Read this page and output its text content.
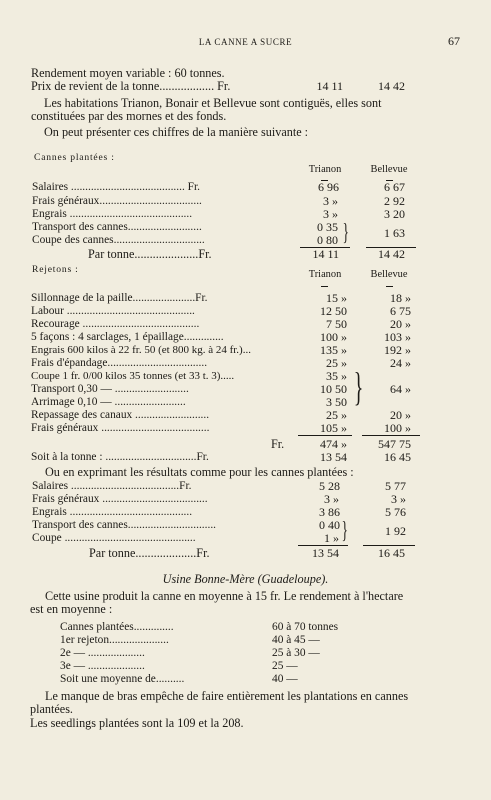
LA CANNE A SUCRE	67
Rendement moyen variable : 60 tonnes.
Prix de revient de la tonne.................. Fr.	14 11	14 42
Les habitations Trianon, Bonair et Bellevue sont contiguës, elles sont
constituées par des mornes et des fonds.
On peut présenter ces chiffres de la manière suivante :
Cannes plantées :
Trianon	Bellevue
Salaires ........................................ Fr.	6 96	6 67
Frais généraux....................................	3 »	2 92
Engrais ...........................................	3 »	3 20
Transport des cannes..........................	0 35
Coupe des cannes................................	0 80 }	1 63
Par tonne.....................Fr.	14 11	14 42
Rejetons :	Trianon	Bellevue
Sillonnage de la paille......................Fr.	15 »	18 »
Labour .............................................	12 50	6 75
Recourage .........................................	7 50	20 »
5 façons : 4 sarclages, 1 épaillage..............	100 »	103 »
Engrais 600 kilos à 22 fr. 50 (et 800 kg. à 24 fr.)...	135 »	192 »
Frais d'épandage...................................	25 »	24 »
Coupe 1 fr. 0/00 kilos 35 tonnes (et 33 t. 3).....	35 »
Transport 0,30 — ..........................	10 50
Arrimage 0,10 — .........................	3 50 } 64 »
Repassage des canaux ..........................	25 »	20 »
Frais généraux ......................................	105 »	100 »
Fr.	474 »	547 75
Soit à la tonne : ................................Fr.	13 54	16 45
Ou en exprimant les résultats comme pour les cannes plantées :
Salaires ......................................Fr.	5 28	5 77
Frais généraux .....................................	3 »	3 »
Engrais ...........................................	3 86	5 76
Transport des cannes...............................	0 40
Coupe ..............................................	1 » }	1 92
Par tonne....................Fr.	13 54	16 45
Usine Bonne-Mère (Guadeloupe).
Cette usine produit la canne en moyenne à 15 fr. Le rendement à l'hectare
est en moyenne :
Cannes plantées..............	60 à 70 tonnes
1er rejeton.....................	40 à 45 —
2e — ....................	25 à 30 —
3e — ....................	25 —
Soit une moyenne de..........	40 —
Le manque de bras empêche de faire entièrement les plantations en cannes
plantées.
Les seedlings plantées sont la 109 et la 208.
